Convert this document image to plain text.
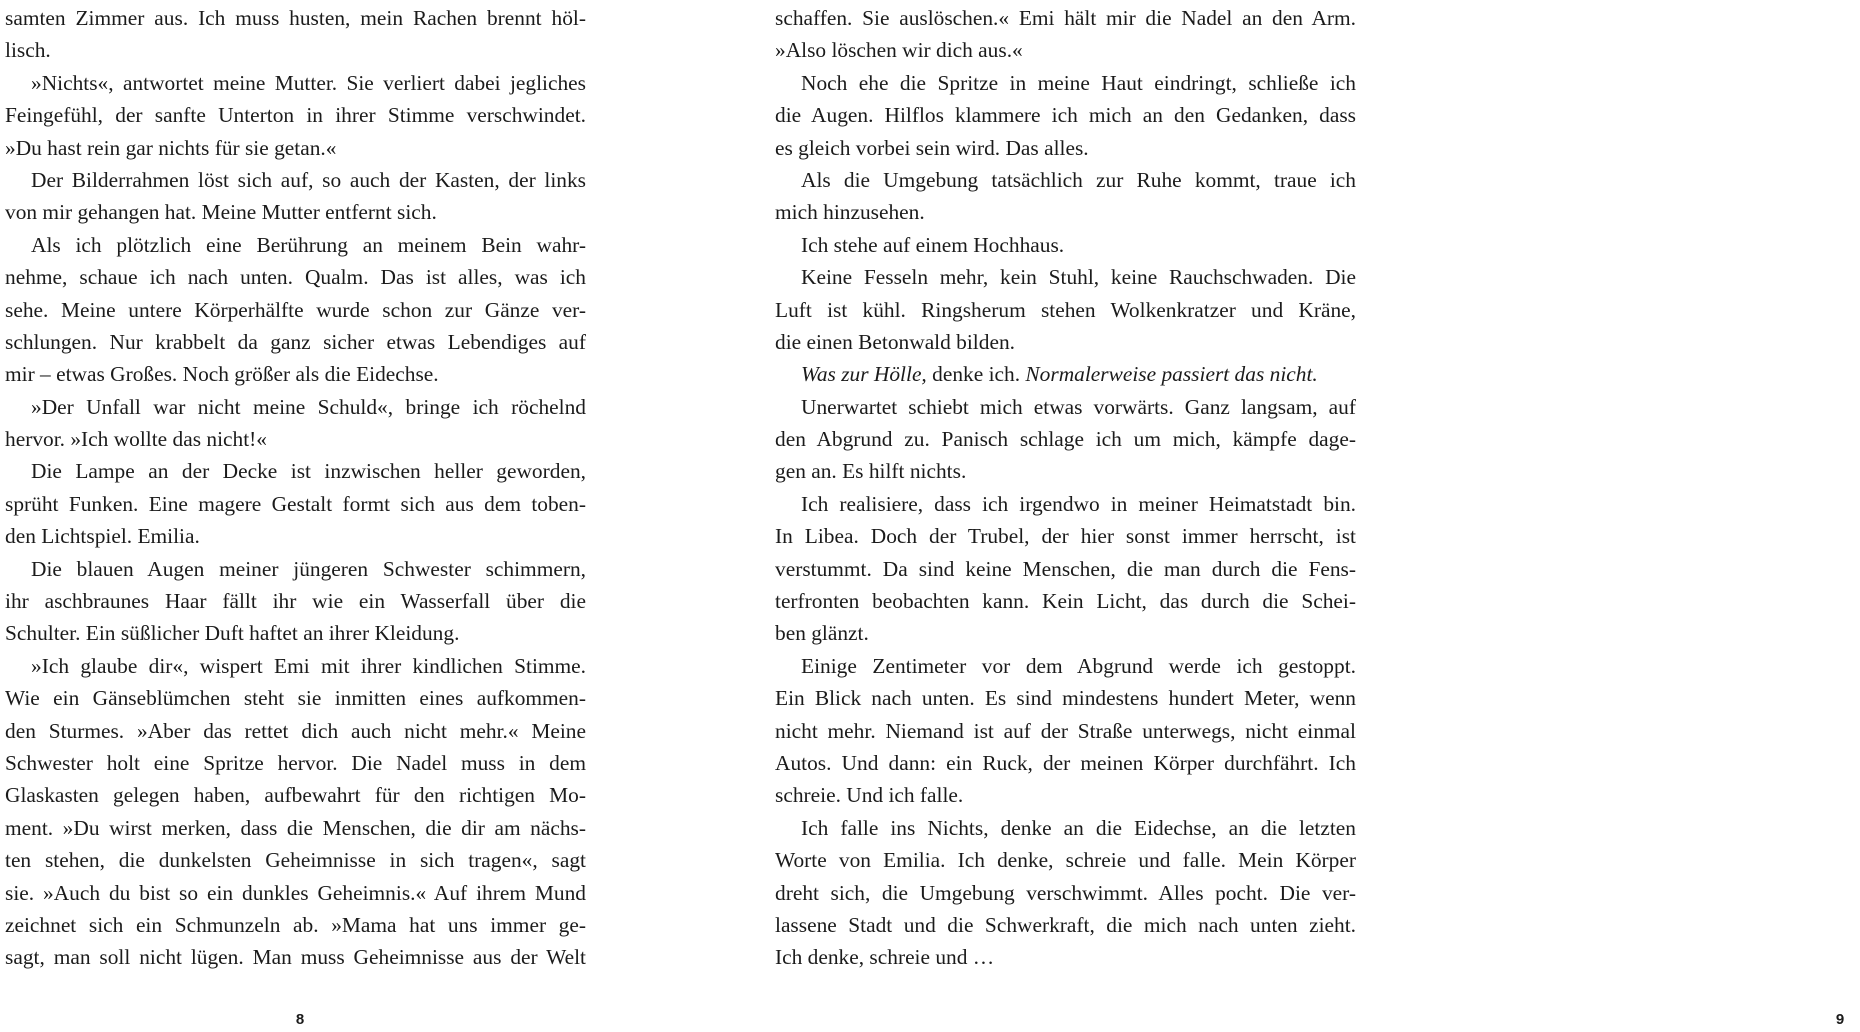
samten Zimmer aus. Ich muss husten, mein Rachen brennt höl-
lisch.
»Nichts«, antwortet meine Mutter. Sie verliert dabei jegliches
Feingefühl, der sanfte Unterton in ihrer Stimme verschwindet.
»Du hast rein gar nichts für sie getan.«
Der Bilderrahmen löst sich auf, so auch der Kasten, der links
von mir gehangen hat. Meine Mutter entfernt sich.
Als ich plötzlich eine Berührung an meinem Bein wahr-
nehme, schaue ich nach unten. Qualm. Das ist alles, was ich
sehe. Meine untere Körperhälfte wurde schon zur Gänze ver-
schlungen. Nur krabbelt da ganz sicher etwas Lebendiges auf
mir – etwas Großes. Noch größer als die Eidechse.
»Der Unfall war nicht meine Schuld«, bringe ich röchelnd
hervor. »Ich wollte das nicht!«
Die Lampe an der Decke ist inzwischen heller geworden,
sprüht Funken. Eine magere Gestalt formt sich aus dem toben-
den Lichtspiel. Emilia.
Die blauen Augen meiner jüngeren Schwester schimmern,
ihr aschbraunes Haar fällt ihr wie ein Wasserfall über die
Schulter. Ein süßlicher Duft haftet an ihrer Kleidung.
»Ich glaube dir«, wispert Emi mit ihrer kindlichen Stimme.
Wie ein Gänseblümchen steht sie inmitten eines aufkommen-
den Sturmes. »Aber das rettet dich auch nicht mehr.« Meine
Schwester holt eine Spritze hervor. Die Nadel muss in dem
Glaskasten gelegen haben, aufbewahrt für den richtigen Mo-
ment. »Du wirst merken, dass die Menschen, die dir am nächs-
ten stehen, die dunkelsten Geheimnisse in sich tragen«, sagt
sie. »Auch du bist so ein dunkles Geheimnis.« Auf ihrem Mund
zeichnet sich ein Schmunzeln ab. »Mama hat uns immer ge-
sagt, man soll nicht lügen. Man muss Geheimnisse aus der Welt
8
schaffen. Sie auslöschen.« Emi hält mir die Nadel an den Arm.
»Also löschen wir dich aus.«
Noch ehe die Spritze in meine Haut eindringt, schließe ich
die Augen. Hilflos klammere ich mich an den Gedanken, dass
es gleich vorbei sein wird. Das alles.
Als die Umgebung tatsächlich zur Ruhe kommt, traue ich
mich hinzusehen.
Ich stehe auf einem Hochhaus.
Keine Fesseln mehr, kein Stuhl, keine Rauchschwaden. Die
Luft ist kühl. Ringsherum stehen Wolkenkratzer und Kräne,
die einen Betonwald bilden.
Was zur Hölle, denke ich. Normalerweise passiert das nicht.
Unerwartet schiebt mich etwas vorwärts. Ganz langsam, auf
den Abgrund zu. Panisch schlage ich um mich, kämpfe dage-
gen an. Es hilft nichts.
Ich realisiere, dass ich irgendwo in meiner Heimatstadt bin.
In Libea. Doch der Trubel, der hier sonst immer herrscht, ist
verstummt. Da sind keine Menschen, die man durch die Fens-
terfronten beobachten kann. Kein Licht, das durch die Schei-
ben glänzt.
Einige Zentimeter vor dem Abgrund werde ich gestoppt.
Ein Blick nach unten. Es sind mindestens hundert Meter, wenn
nicht mehr. Niemand ist auf der Straße unterwegs, nicht einmal
Autos. Und dann: ein Ruck, der meinen Körper durchfährt. Ich
schreie. Und ich falle.
Ich falle ins Nichts, denke an die Eidechse, an die letzten
Worte von Emilia. Ich denke, schreie und falle. Mein Körper
dreht sich, die Umgebung verschwimmt. Alles pocht. Die ver-
lassene Stadt und die Schwerkraft, die mich nach unten zieht.
Ich denke, schreie und …
9
